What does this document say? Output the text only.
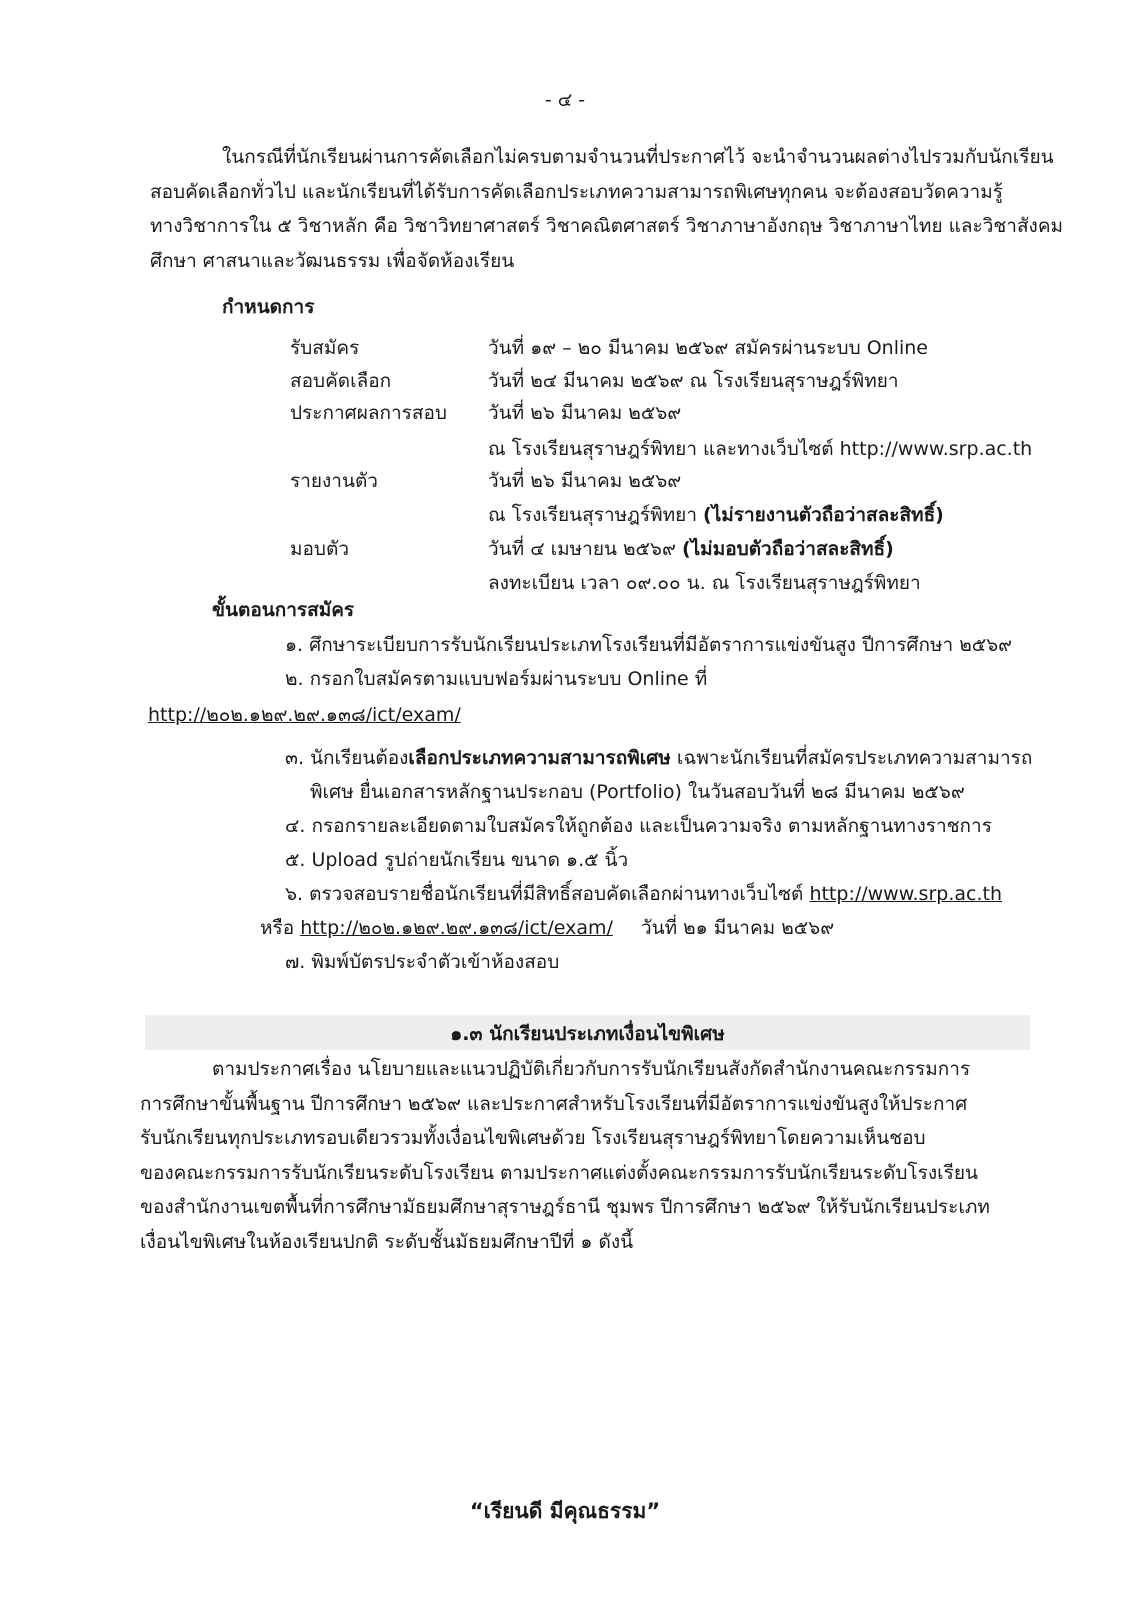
- ๔ -
ในกรณีที่นักเรียนผ่านการคัดเลือกไม่ครบตามจำนวนที่ประกาศไว้ จะนำจำนวนผลต่างไปรวมกับนักเรียน
สอบคัดเลือกทั่วไป และนักเรียนที่ได้รับการคัดเลือกประเภทความสามารถพิเศษทุกคน จะต้องสอบวัดความรู้
ทางวิชาการใน ๕ วิชาหลัก คือ วิชาวิทยาศาสตร์ วิชาคณิตศาสตร์ วิชาภาษาอังกฤษ วิชาภาษาไทย และวิชาสังคม
ศึกษา ศาสนาและวัฒนธรรม เพื่อจัดห้องเรียน
กำหนดการ
รับสมัคร	วันที่ ๑๙ – ๒๐ มีนาคม ๒๕๖๙ สมัครผ่านระบบ Online
สอบคัดเลือก	วันที่ ๒๔ มีนาคม ๒๕๖๙ ณ โรงเรียนสุราษฎร์พิทยา
ประกาศผลการสอบ วันที่ ๒๖ มีนาคม ๒๕๖๙
ณ โรงเรียนสุราษฎร์พิทยา และทางเว็บไซต์ http://www.srp.ac.th
รายงานตัว	วันที่ ๒๖ มีนาคม ๒๕๖๙
ณ โรงเรียนสุราษฎร์พิทยา (ไม่รายงานตัวถือว่าสละสิทธิ์)
มอบตัว	วันที่ ๔ เมษายน ๒๕๖๙ (ไม่มอบตัวถือว่าสละสิทธิ์)
ลงทะเบียน เวลา ๐๙.๐๐ น. ณ โรงเรียนสุราษฎร์พิทยา
ขั้นตอนการสมัคร
๑. ศึกษาระเบียบการรับนักเรียนประเภทโรงเรียนที่มีอัตราการแข่งขันสูง ปีการศึกษา ๒๕๖๙
๒. กรอกใบสมัครตามแบบฟอร์มผ่านระบบ Online ที่
http://๒๐๒.๑๒๙.๒๙.๑๓๘/ict/exam/
๓. นักเรียนต้องเลือกประเภทความสามารถพิเศษ เฉพาะนักเรียนที่สมัครประเภทความสามารถ
พิเศษ ยื่นเอกสารหลักฐานประกอบ (Portfolio) ในวันสอบวันที่ ๒๘ มีนาคม ๒๕๖๙
๔. กรอกรายละเอียดตามใบสมัครให้ถูกต้อง และเป็นความจริง ตามหลักฐานทางราชการ
๕. Upload รูปถ่ายนักเรียน ขนาด ๑.๕ นิ้ว
๖. ตรวจสอบรายชื่อนักเรียนที่มีสิทธิ์สอบคัดเลือกผ่านทางเว็บไซต์ http://www.srp.ac.th
หรือ http://๒๐๒.๑๒๙.๒๙.๑๓๘/ict/exam/ วันที่ ๒๑ มีนาคม ๒๕๖๙
๗. พิมพ์บัตรประจำตัวเข้าห้องสอบ
๑.๓ นักเรียนประเภทเงื่อนไขพิเศษ
ตามประกาศเรื่อง นโยบายและแนวปฏิบัติเกี่ยวกับการรับนักเรียนสังกัดสำนักงานคณะกรรมการ
การศึกษาขั้นพื้นฐาน ปีการศึกษา ๒๕๖๙ และประกาศสำหรับโรงเรียนที่มีอัตราการแข่งขันสูงให้ประกาศ
รับนักเรียนทุกประเภทรอบเดียวรวมทั้งเงื่อนไขพิเศษด้วย โรงเรียนสุราษฎร์พิทยาโดยความเห็นชอบ
ของคณะกรรมการรับนักเรียนระดับโรงเรียน ตามประกาศแต่งตั้งคณะกรรมการรับนักเรียนระดับโรงเรียน
ของสำนักงานเขตพื้นที่การศึกษามัธยมศึกษาสุราษฎร์ธานี ชุมพร ปีการศึกษา ๒๕๖๙ ให้รับนักเรียนประเภท
เงื่อนไขพิเศษในห้องเรียนปกติ ระดับชั้นมัธยมศึกษาปีที่ ๑ ดังนี้
“เรียนดี มีคุณธรรม”
